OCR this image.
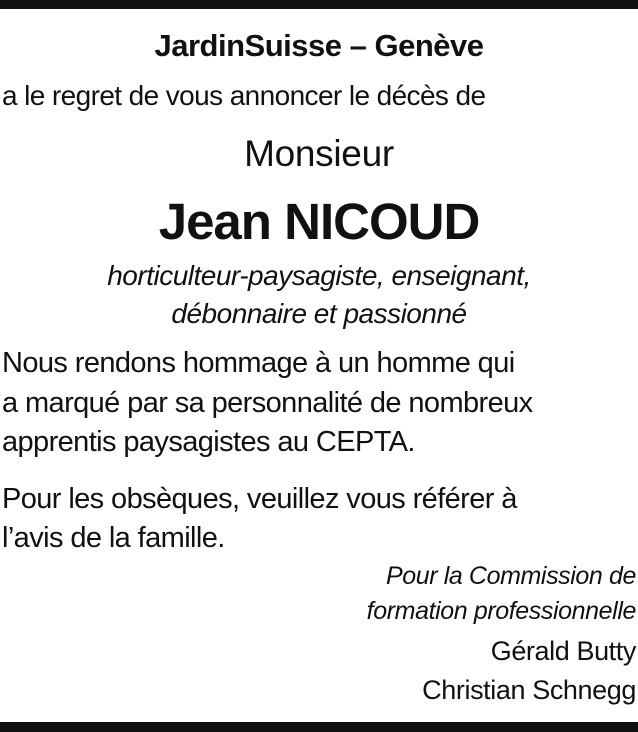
JardinSuisse – Genève
a le regret de vous annoncer le décès de
Monsieur
Jean NICOUD
horticulteur-paysagiste, enseignant,
débonnaire et passionné
Nous rendons hommage à un homme qui
a marqué par sa personnalité de nombreux
apprentis paysagistes au CEPTA.
Pour les obsèques, veuillez vous référer à
l’avis de la famille.
Pour la Commission de
formation professionnelle
Gérald Butty
Christian Schnegg
